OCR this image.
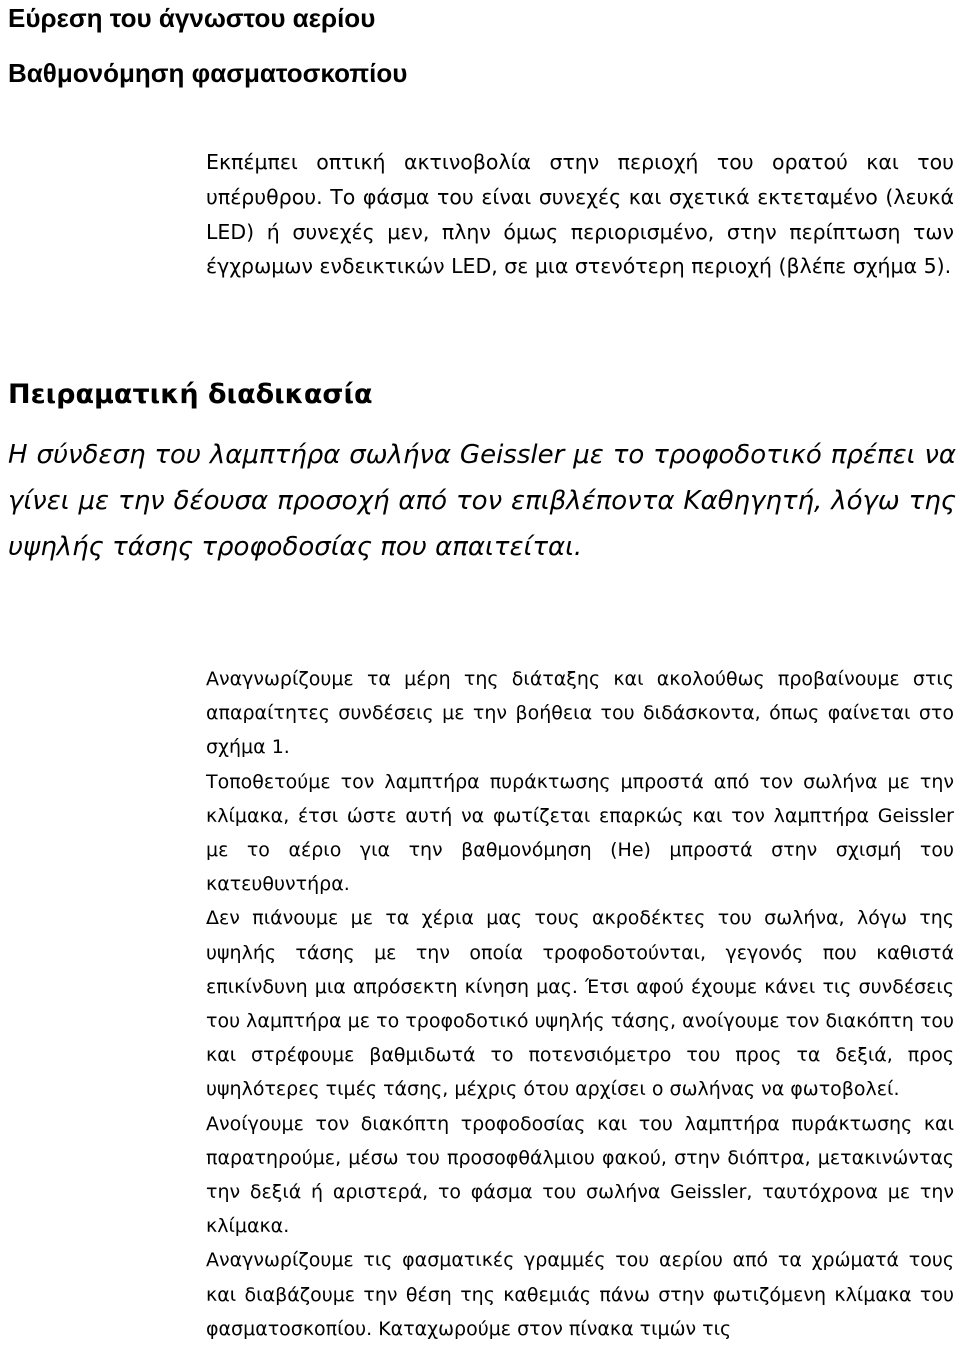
Εύρεση του άγνωστου αερίου
Βαθμονόμηση φασματοσκοπίου

Εκπέμπει οπτική ακτινοβολία στην περιοχή του ορατού και του υπέρυθρου. Το φάσμα του είναι συνεχές και σχετικά εκτεταμένο (λευκά LED) ή συνεχές μεν, πλην όμως περιορισμένο, στην περίπτωση των έγχρωμων ενδεικτικών LED, σε μια στενότερη περιοχή (βλέπε σχήμα 5).

Πειραματική διαδικασία

Η σύνδεση του λαμπτήρα σωλήνα Geissler με το τροφοδοτικό πρέπει να γίνει με την δέουσα προσοχή από τον επιβλέποντα Καθηγητή, λόγω της υψηλής τάσης τροφοδοσίας που απαιτείται.

Αναγνωρίζουμε τα μέρη της διάταξης και ακολούθως προβαίνουμε στις απαραίτητες συνδέσεις με την βοήθεια του διδάσκοντα, όπως φαίνεται στο σχήμα 1.

Τοποθετούμε τον λαμπτήρα πυράκτωσης μπροστά από τον σωλήνα με την κλίμακα, έτσι ώστε αυτή να φωτίζεται επαρκώς και τον λαμπτήρα Geissler με το αέριο για την βαθμονόμηση (He) μπροστά στην σχισμή του κατευθυντήρα.

Δεν πιάνουμε με τα χέρια μας τους ακροδέκτες του σωλήνα, λόγω της υψηλής τάσης με την οποία τροφοδοτούνται, γεγονός που καθιστά επικίνδυνη μια απρόσεκτη κίνηση μας. Έτσι αφού έχουμε κάνει τις συνδέσεις του λαμπτήρα με το τροφοδοτικό υψηλής τάσης, ανοίγουμε τον διακόπτη του και στρέφουμε βαθμιδωτά το ποτενσιόμετρο του προς τα δεξιά, προς υψηλότερες τιμές τάσης, μέχρις ότου αρχίσει ο σωλήνας να φωτοβολεί.

Ανοίγουμε τον διακόπτη τροφοδοσίας και του λαμπτήρα πυράκτωσης και παρατηρούμε, μέσω του προσοφθάλμιου φακού, στην διόπτρα, μετακινώντας την δεξιά ή αριστερά, το φάσμα του σωλήνα Geissler, ταυτόχρονα με την κλίμακα.

Αναγνωρίζουμε τις φασματικές γραμμές του αερίου από τα χρώματά τους και διαβάζουμε την θέση της καθεμιάς πάνω στην φωτιζόμενη κλίμακα του φασματοσκοπίου. Καταχωρούμε στον πίνακα τιμών τις
